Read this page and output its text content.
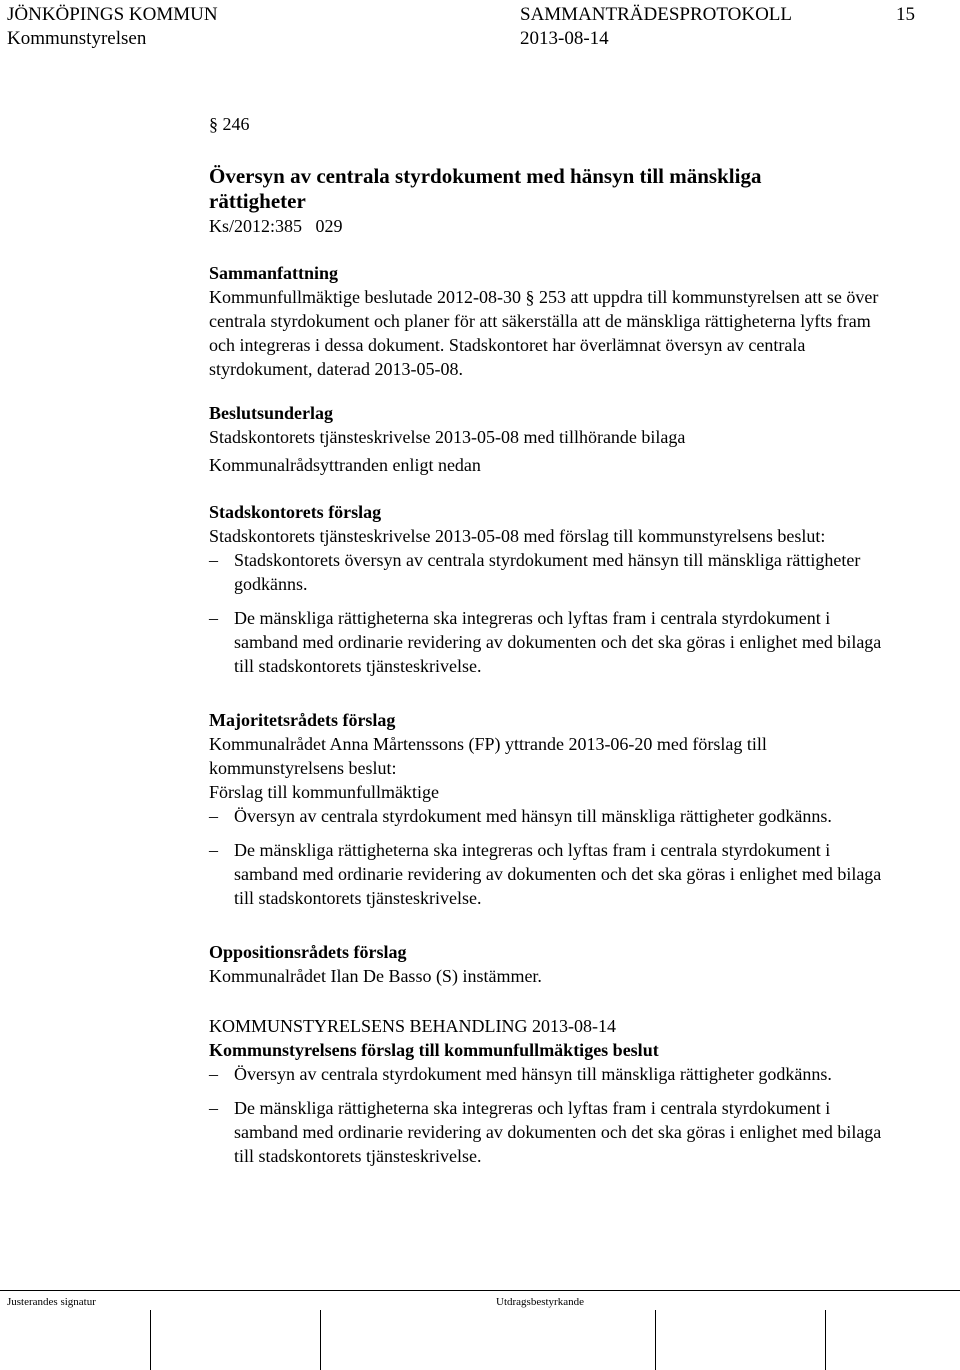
JÖNKÖPINGS KOMMUN
Kommunstyrelsen
SAMMANTRÄDESPROTOKOLL
2013-08-14
15

§ 246

Översyn av centrala styrdokument med hänsyn till mänskliga rättigheter

Ks/2012:385   029

Sammanfattning

Kommunfullmäktige beslutade 2012-08-30 § 253 att uppdra till kommunstyrelsen att se över centrala styrdokument och planer för att säkerställa att de mänskliga rättigheterna lyfts fram och integreras i dessa dokument. Stadskontoret har överlämnat översyn av centrala styrdokument, daterad 2013-05-08.

Beslutsunderlag

Stadskontorets tjänsteskrivelse 2013-05-08 med tillhörande bilaga

Kommunalrådsyttranden enligt nedan

Stadskontorets förslag

Stadskontorets tjänsteskrivelse 2013-05-08 med förslag till kommunstyrelsens beslut:

– Stadskontorets översyn av centrala styrdokument med hänsyn till mänskliga rättigheter godkänns.
– De mänskliga rättigheterna ska integreras och lyftas fram i centrala styrdokument i samband med ordinarie revidering av dokumenten och det ska göras i enlighet med bilaga till stadskontorets tjänsteskrivelse.

Majoritetsrådets förslag

Kommunalrådet Anna Mårtenssons (FP) yttrande 2013-06-20 med förslag till kommunstyrelsens beslut:

Förslag till kommunfullmäktige

– Översyn av centrala styrdokument med hänsyn till mänskliga rättigheter godkänns.
– De mänskliga rättigheterna ska integreras och lyftas fram i centrala styrdokument i samband med ordinarie revidering av dokumenten och det ska göras i enlighet med bilaga till stadskontorets tjänsteskrivelse.

Oppositionsrådets förslag

Kommunalrådet Ilan De Basso (S) instämmer.

KOMMUNSTYRELSENS BEHANDLING 2013-08-14

Kommunstyrelsens förslag till kommunfullmäktiges beslut

– Översyn av centrala styrdokument med hänsyn till mänskliga rättigheter godkänns.
– De mänskliga rättigheterna ska integreras och lyftas fram i centrala styrdokument i samband med ordinarie revidering av dokumenten och det ska göras i enlighet med bilaga till stadskontorets tjänsteskrivelse.
Justerandes signatur	Utdragsbestyrkande
